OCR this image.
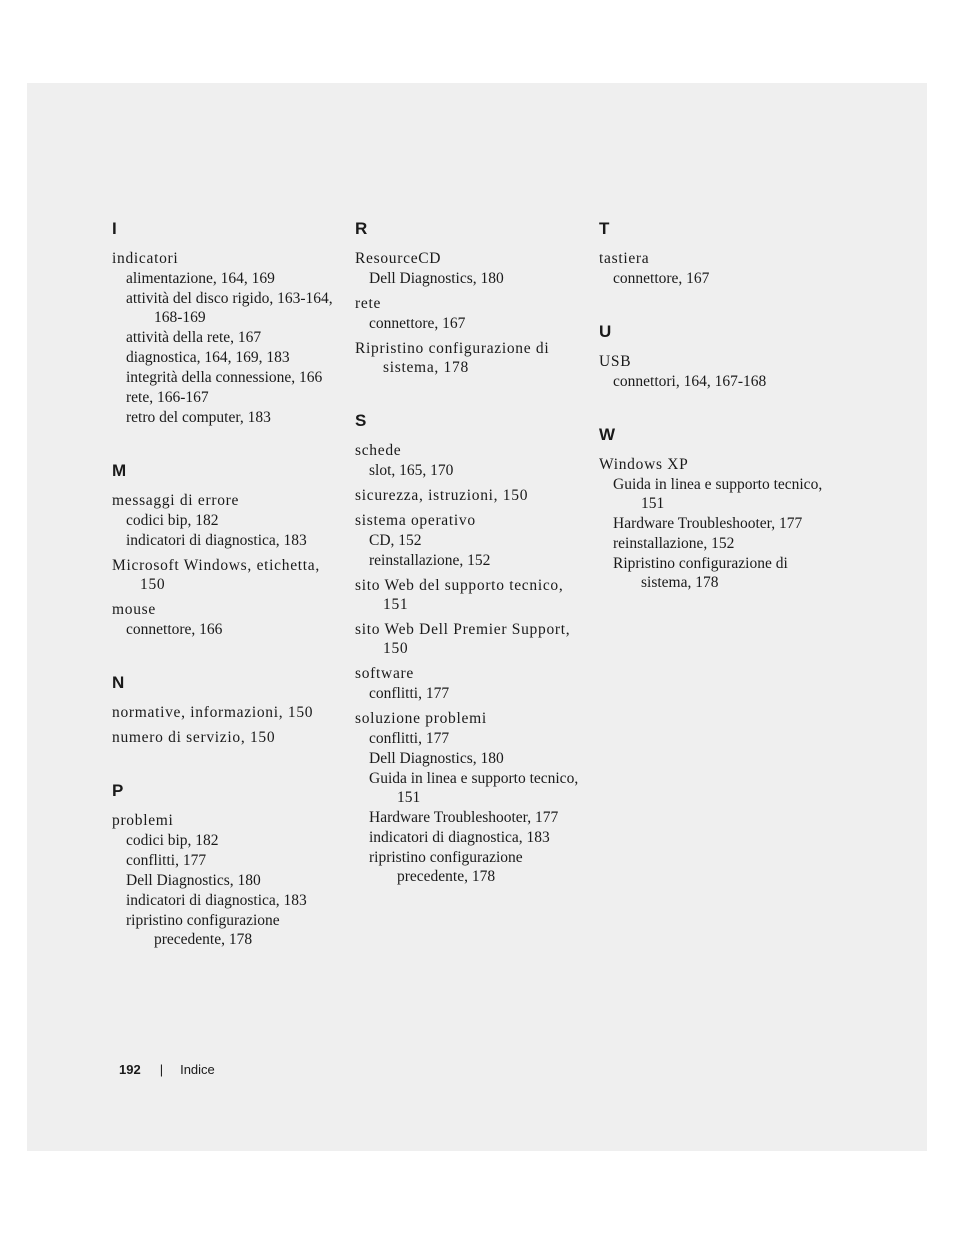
I
indicatori
alimentazione, 164, 169
attività del disco rigido, 163-164, 168-169
attività della rete, 167
diagnostica, 164, 169, 183
integrità della connessione, 166
rete, 166-167
retro del computer, 183
M
messaggi di errore
codici bip, 182
indicatori di diagnostica, 183
Microsoft Windows, etichetta, 150
mouse
connettore, 166
N
normative, informazioni, 150
numero di servizio, 150
P
problemi
codici bip, 182
conflitti, 177
Dell Diagnostics, 180
indicatori di diagnostica, 183
ripristino configurazione precedente, 178
R
ResourceCD
Dell Diagnostics, 180
rete
connettore, 167
Ripristino configurazione di sistema, 178
S
schede
slot, 165, 170
sicurezza, istruzioni, 150
sistema operativo
CD, 152
reinstallazione, 152
sito Web del supporto tecnico, 151
sito Web Dell Premier Support, 150
software
conflitti, 177
soluzione problemi
conflitti, 177
Dell Diagnostics, 180
Guida in linea e supporto tecnico, 151
Hardware Troubleshooter, 177
indicatori di diagnostica, 183
ripristino configurazione precedente, 178
T
tastiera
connettore, 167
U
USB
connettori, 164, 167-168
W
Windows XP
Guida in linea e supporto tecnico, 151
Hardware Troubleshooter, 177
reinstallazione, 152
Ripristino configurazione di sistema, 178
192 | Indice
